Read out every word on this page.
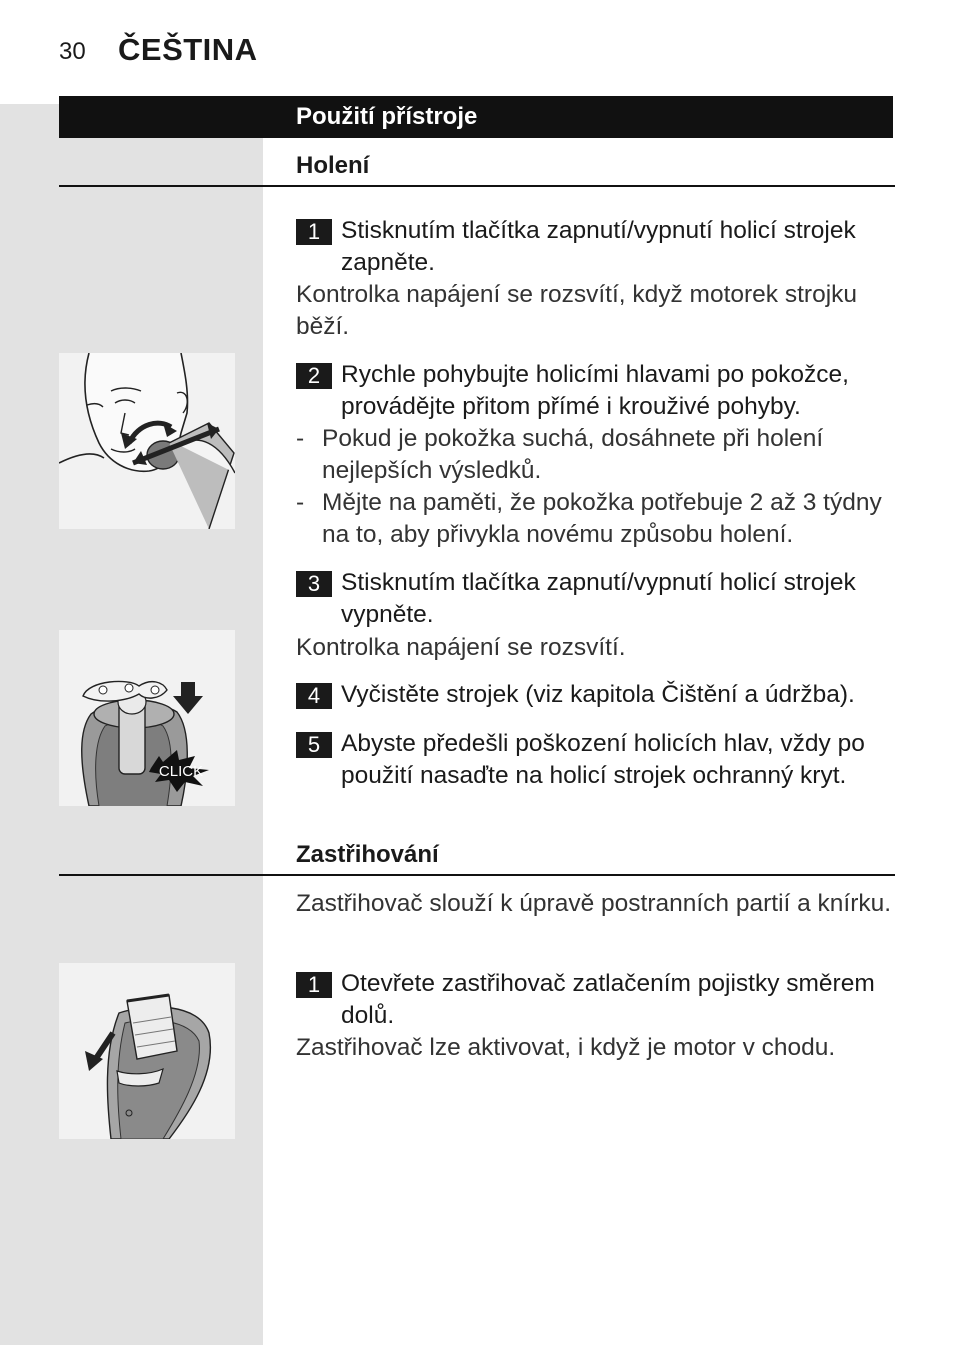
30 ČEŠTINA
Použití přístroje
Holení
1 Stisknutím tlačítka zapnutí/vypnutí holicí strojek zapněte.
Kontrolka napájení se rozsvítí, když motorek strojku běží.
2 Rychle pohybujte holicími hlavami po pokožce, provádějte přitom přímé i krouživé pohyby.
- Pokud je pokožka suchá, dosáhnete při holení nejlepších výsledků.
- Mějte na paměti, že pokožka potřebuje 2 až 3 týdny na to, aby přivykla novému způsobu holení.
3 Stisknutím tlačítka zapnutí/vypnutí holicí strojek vypněte.
Kontrolka napájení se rozsvítí.
4 Vyčistěte strojek (viz kapitola Čištění a údržba).
5 Abyste předešli poškození holicích hlav, vždy po použití nasaďte na holicí strojek ochranný kryt.
Zastřihování
Zastřihovač slouží k úpravě postranních partií a knírku.
1 Otevřete zastřihovač zatlačením pojistky směrem dolů.
Zastřihovač lze aktivovat, i když je motor v chodu.
CLICK
